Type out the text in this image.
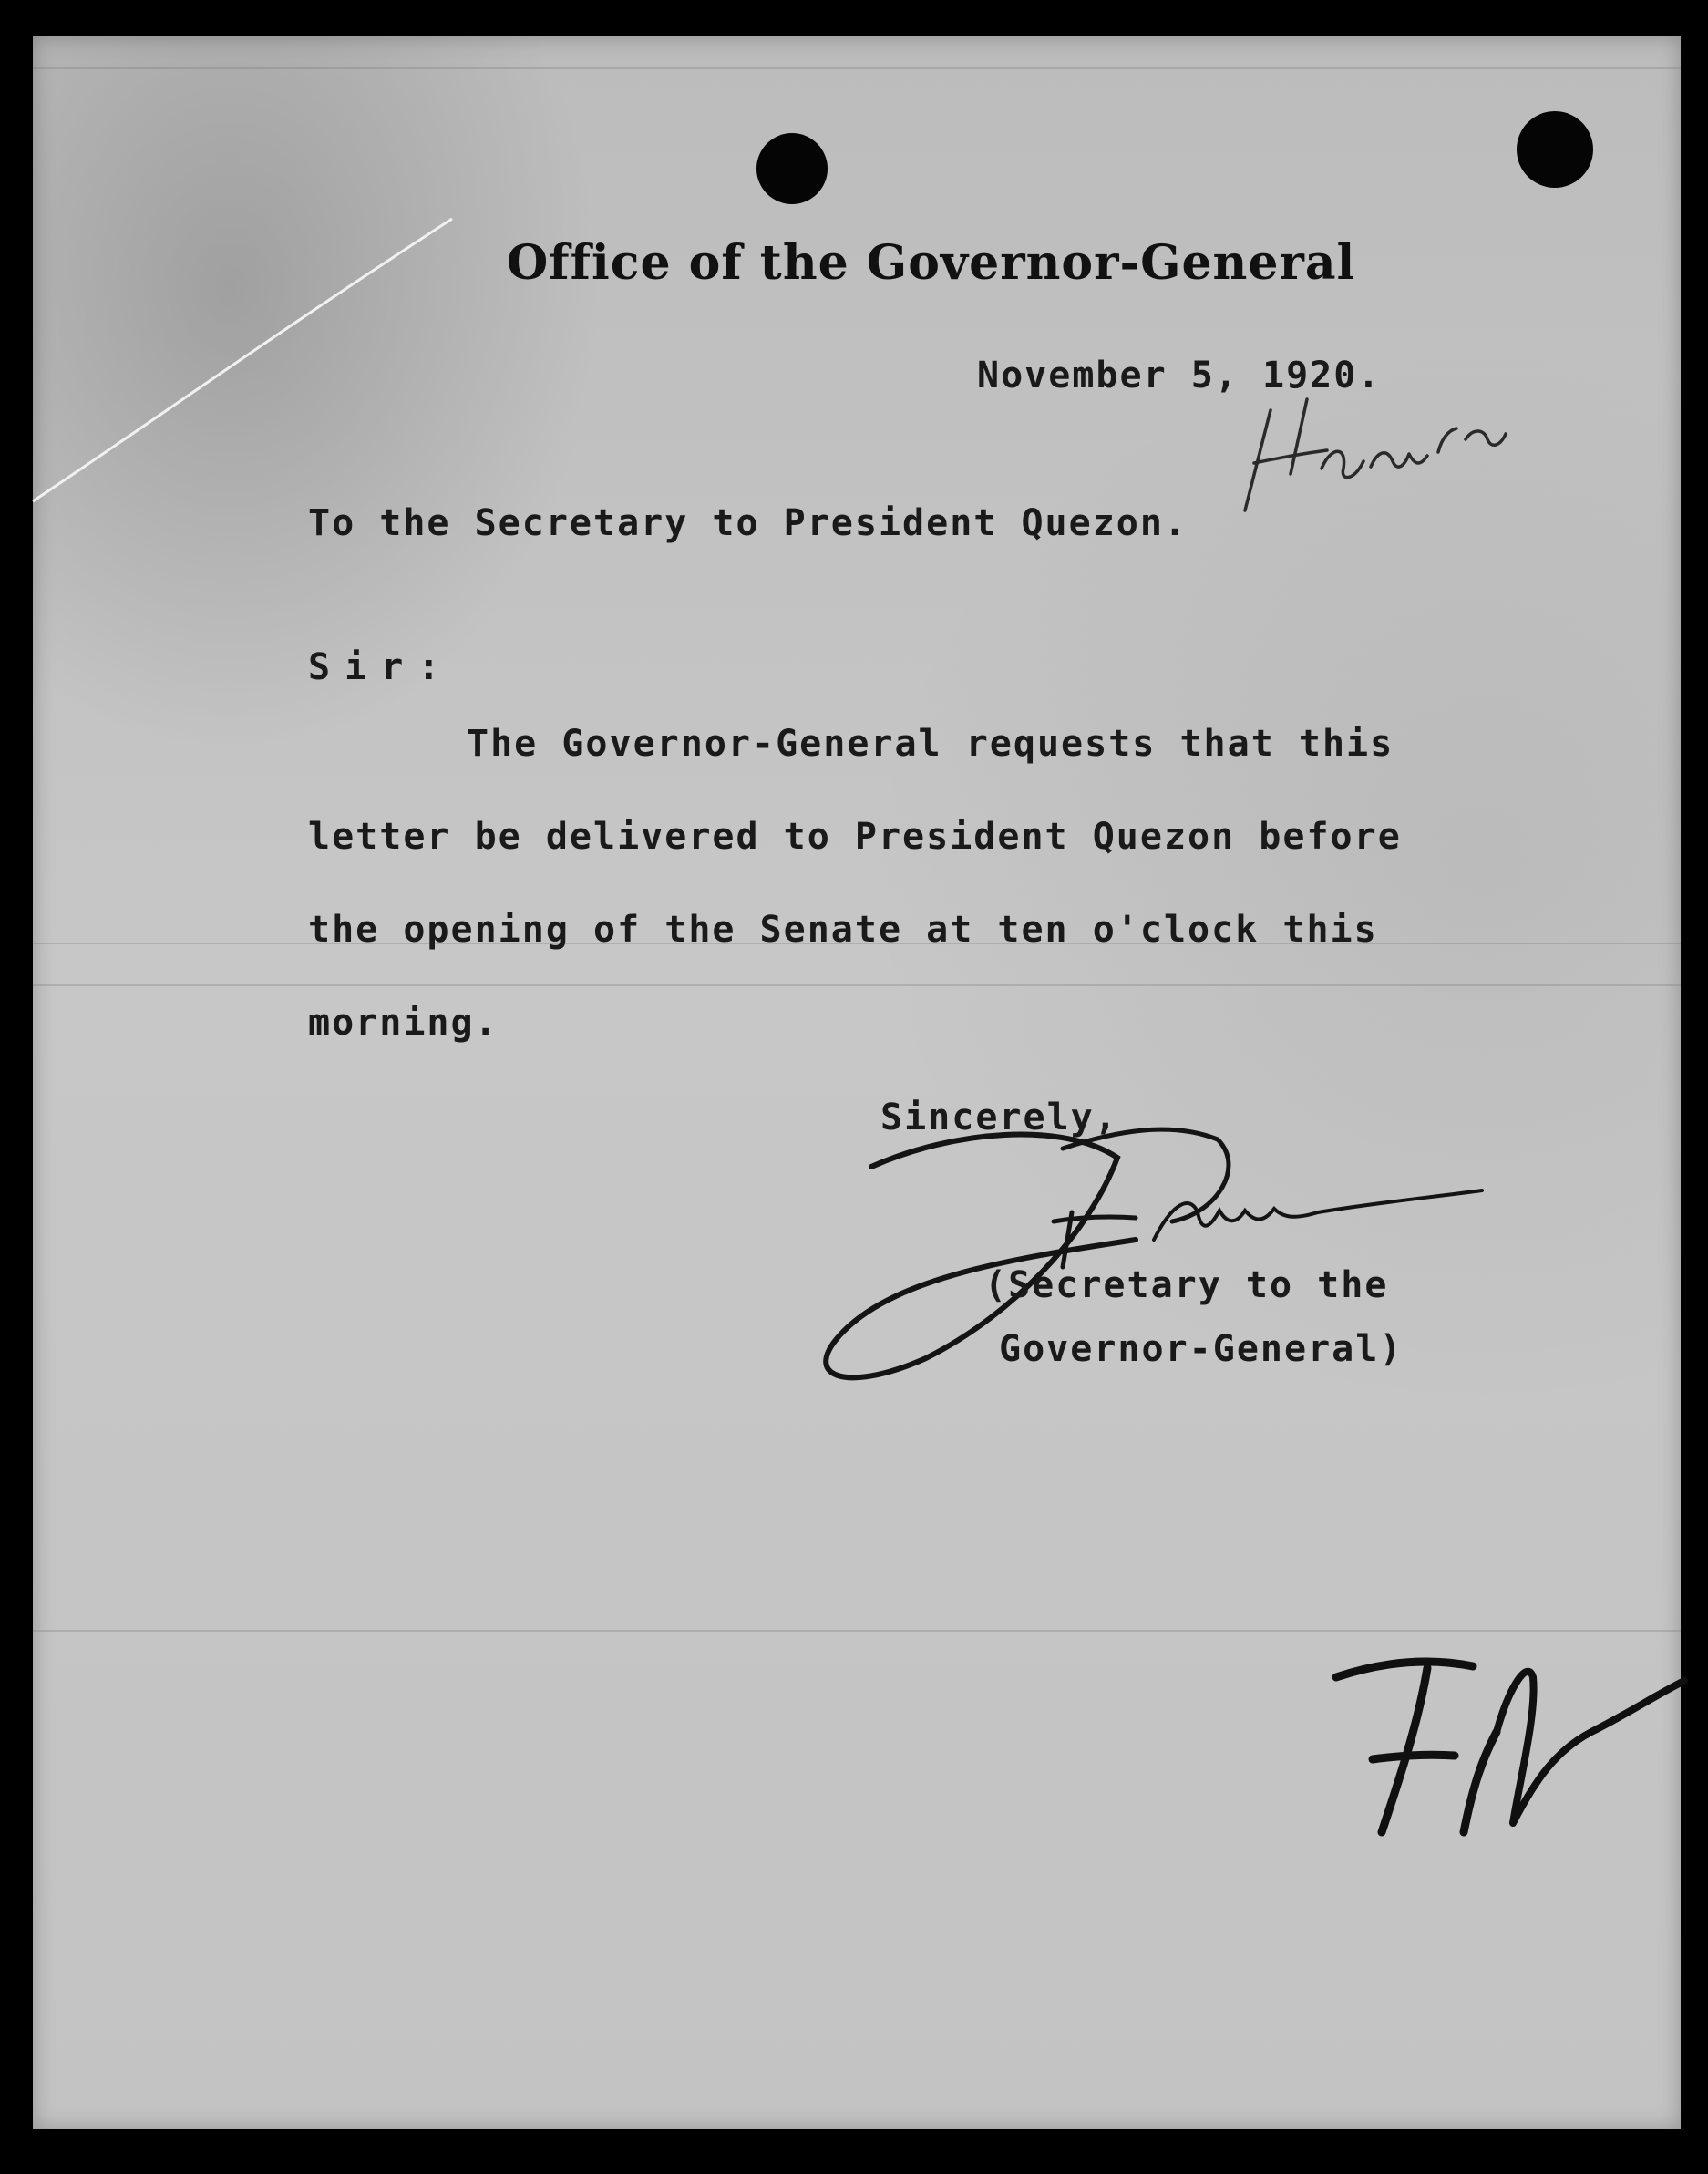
Office of the Governor-General
November 5, 1920.
To the Secretary to President Quezon.
Sir:
The Governor-General requests that this
letter be delivered to President Quezon before
the opening of the Senate at ten o'clock this
morning.
Sincerely,
(Secretary to the
Governor-General)
